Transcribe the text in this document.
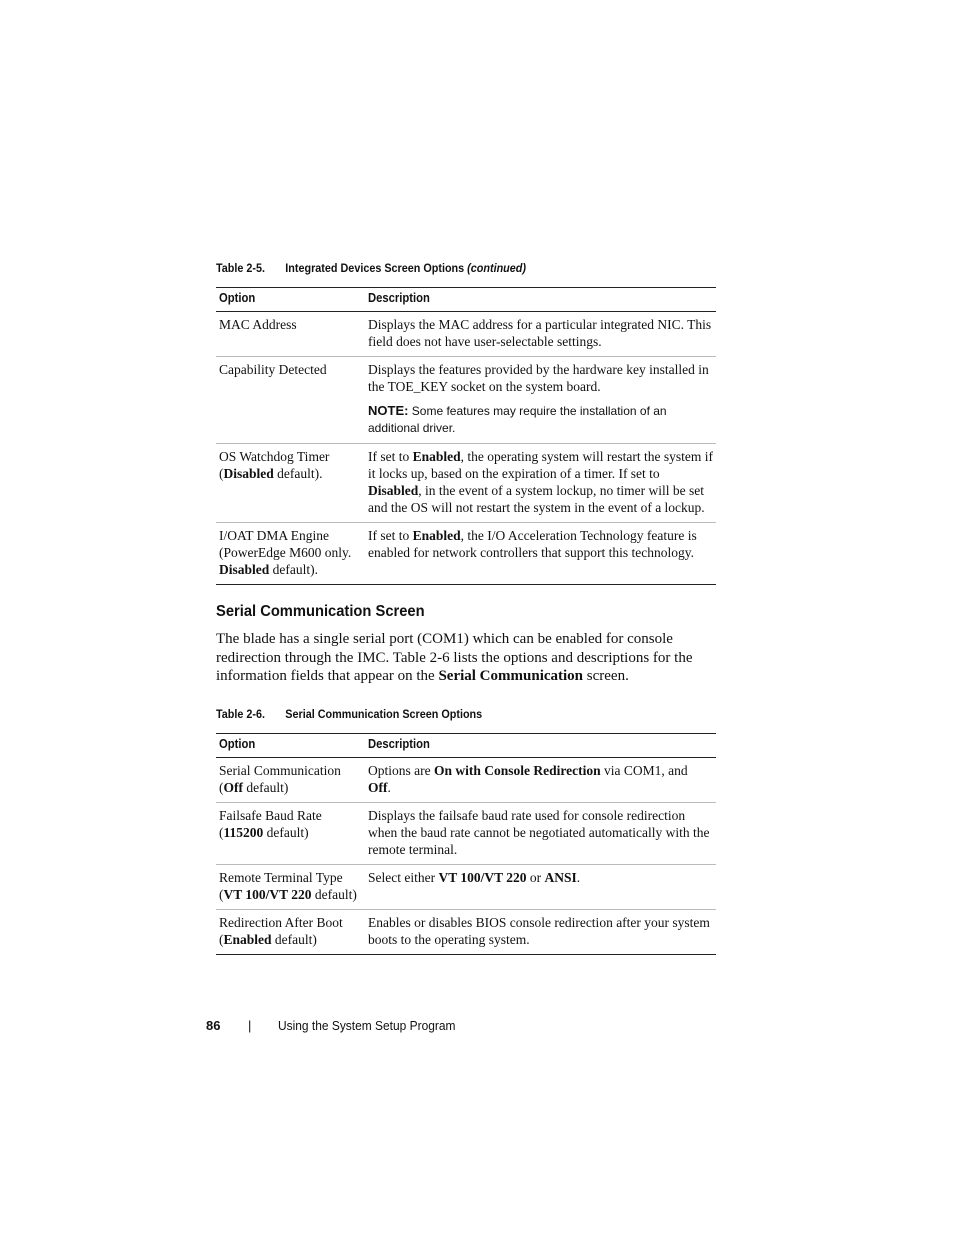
Table 2-5. Integrated Devices Screen Options (continued)
Option	Description
MAC Address	Displays the MAC address for a particular integrated NIC. This field does not have user-selectable settings.
Capability Detected	Displays the features provided by the hardware key installed in the TOE_KEY socket on the system board.
NOTE: Some features may require the installation of an additional driver.

OS Watchdog Timer (Disabled default).	If set to Enabled, the operating system will restart the system if it locks up, based on the expiration of a timer. If set to Disabled, in the event of a system lockup, no timer will be set and the OS will not restart the system in the event of a lockup.
I/OAT DMA Engine (PowerEdge M600 only. Disabled default).	If set to Enabled, the I/O Acceleration Technology feature is enabled for network controllers that support this technology.
Serial Communication Screen

The blade has a single serial port (COM1) which can be enabled for console redirection through the IMC. Table 2-6 lists the options and descriptions for the information fields that appear on the Serial Communication screen.

Table 2-6. Serial Communication Screen Options
Option	Description
Serial Communication (Off default)	Options are On with Console Redirection via COM1, and Off.
Failsafe Baud Rate (115200 default)	Displays the failsafe baud rate used for console redirection when the baud rate cannot be negotiated automatically with the remote terminal.
Remote Terminal Type (VT 100/VT 220 default)	Select either VT 100/VT 220 or ANSI.
Redirection After Boot (Enabled default)	Enables or disables BIOS console redirection after your system boots to the operating system.
86 | Using the System Setup Program
